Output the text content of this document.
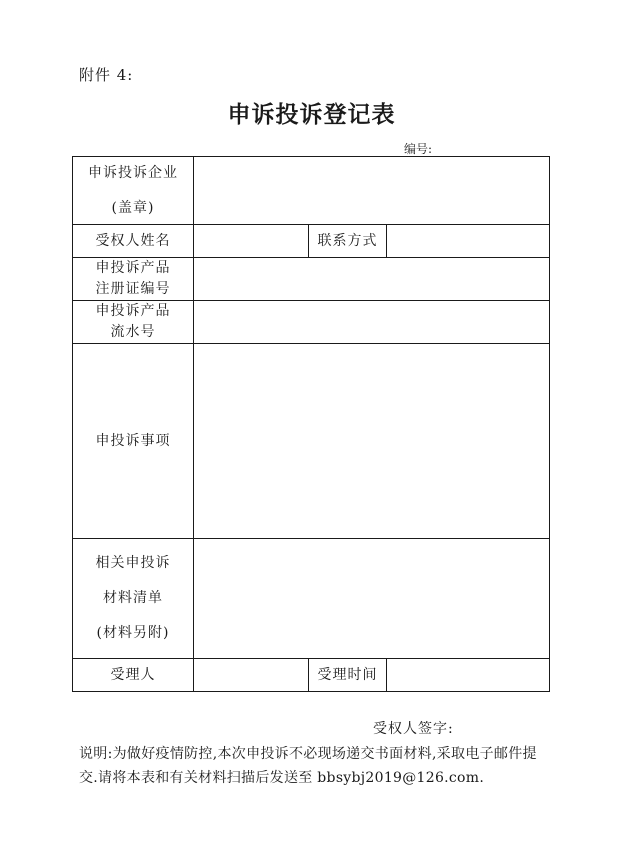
附件 4:
申诉投诉登记表
编号:
申诉投诉企业
(盖章)			

受权人姓名		联系方式	

申投诉产品
注册证编号			

申投诉产品
流水号			

申投诉事项			

相关申投诉
材料清单
(材料另附)			

受理人		受理时间	
受权人签字:
说明:为做好疫情防控,本次申投诉不必现场递交书面材料,采取电子邮件提交.请将本表和有关材料扫描后发送至 bbsybj2019@126.com.
